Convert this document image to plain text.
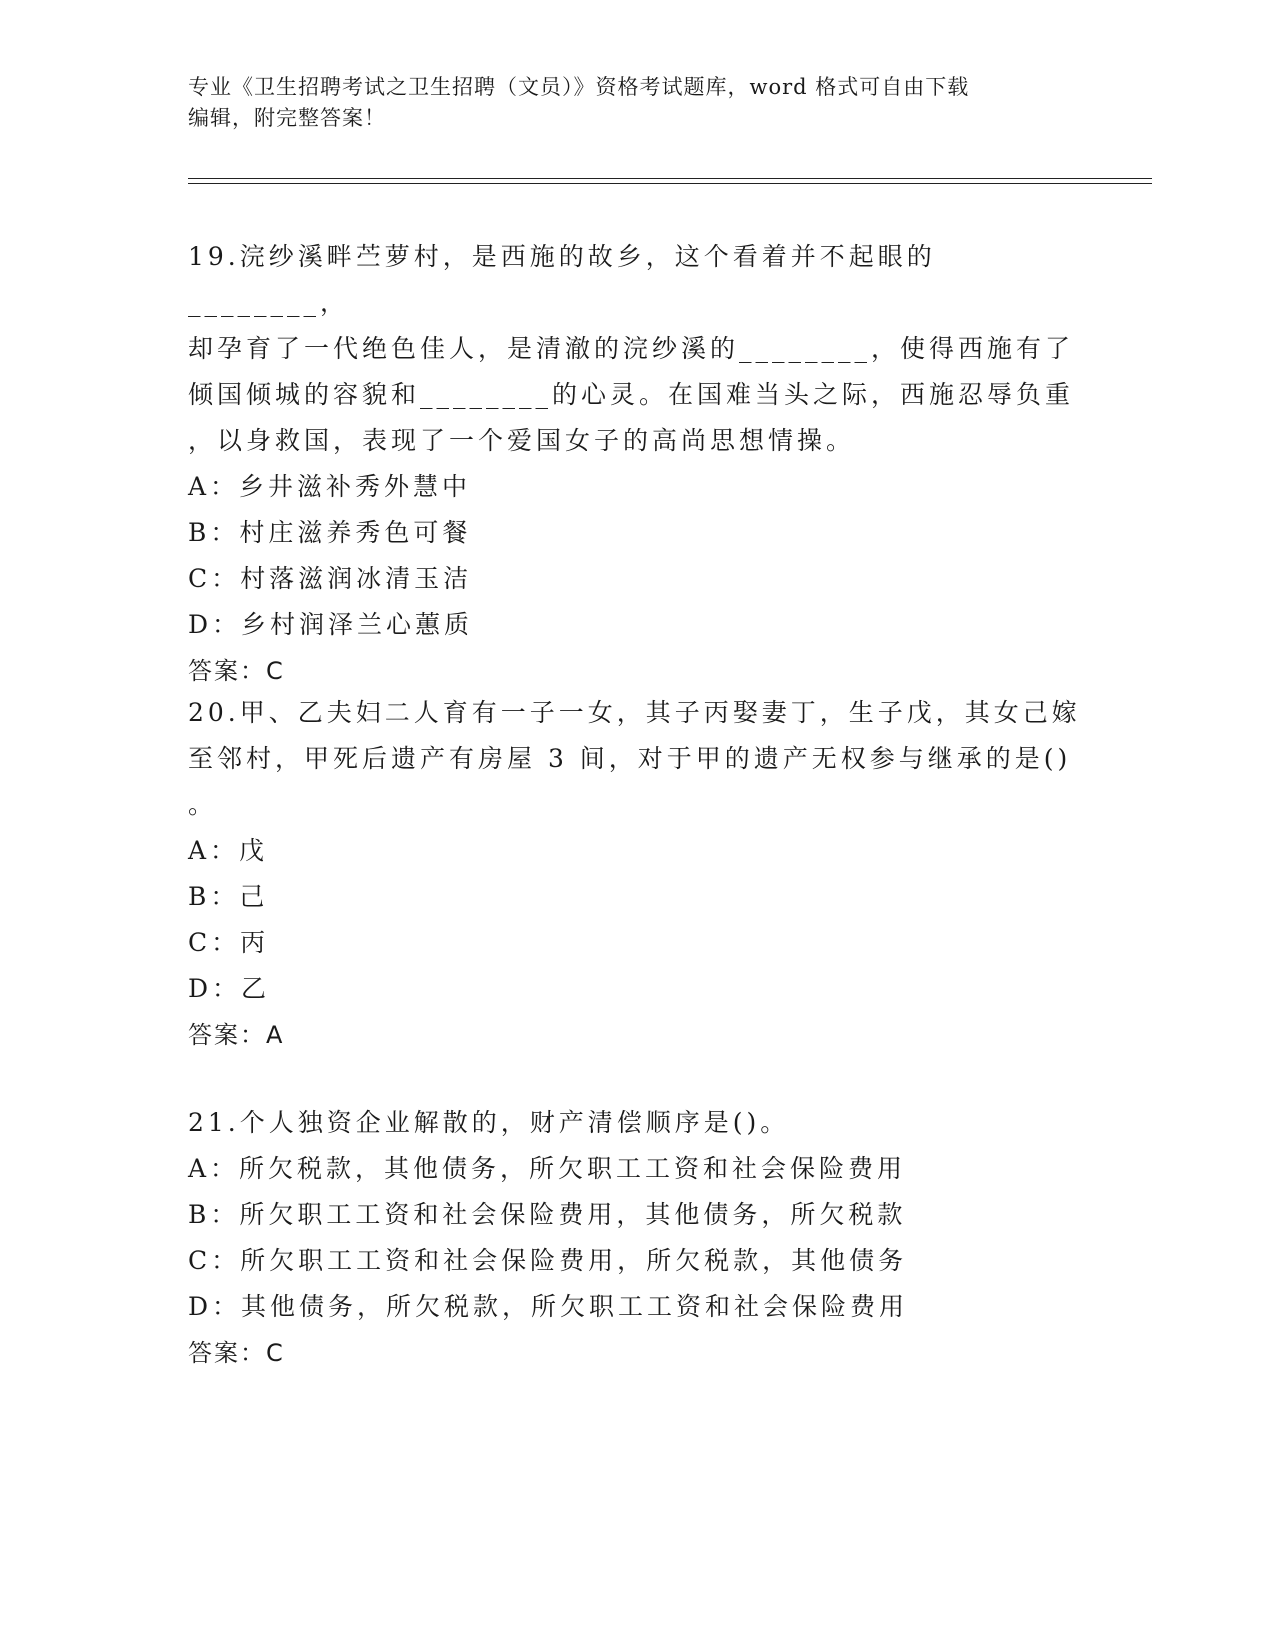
专业《卫生招聘考试之卫生招聘（文员）》资格考试题库，word 格式可自由下载
编辑，附完整答案！

19.浣纱溪畔苎萝村，是西施的故乡，这个看着并不起眼的________，

却孕育了一代绝色佳人，是清澈的浣纱溪的________，使得西施有了

倾国倾城的容貌和________的心灵。在国难当头之际，西施忍辱负重

，以身救国，表现了一个爱国女子的高尚思想情操。

A：乡井滋补秀外慧中

B：村庄滋养秀色可餐

C：村落滋润冰清玉洁

D：乡村润泽兰心蕙质

答案：C

20.甲、乙夫妇二人育有一子一女，其子丙娶妻丁，生子戊，其女己嫁

至邻村，甲死后遗产有房屋 3 间，对于甲的遗产无权参与继承的是()

。

A：戊

B：己

C：丙

D：乙

答案：A

21.个人独资企业解散的，财产清偿顺序是()。

A：所欠税款，其他债务，所欠职工工资和社会保险费用

B：所欠职工工资和社会保险费用，其他债务，所欠税款

C：所欠职工工资和社会保险费用，所欠税款，其他债务

D：其他债务，所欠税款，所欠职工工资和社会保险费用

答案：C
